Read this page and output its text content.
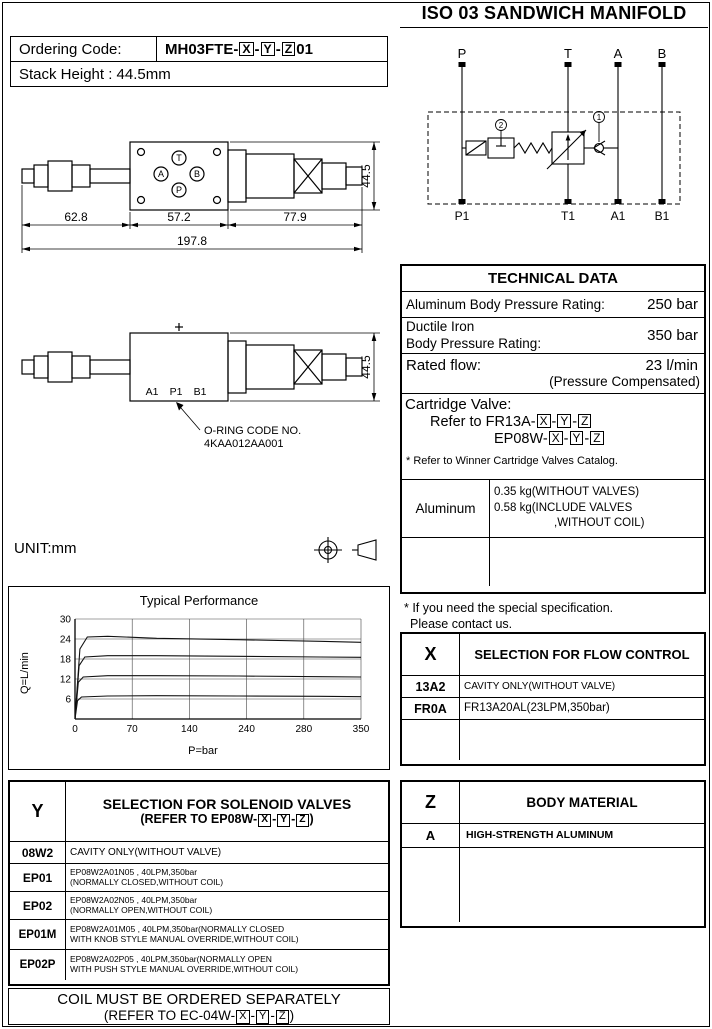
ISO 03 SANDWICH MANIFOLD
Ordering Code:	MH03FTE- X - Y - Z 01
Stack Height : 44.5mm
T
A	B
P
62.8	57.2	77.9
197.8
44.5
1
2
P	T	A	B
P1	T1	A1 B1
TECHNICAL DATA
Aluminum Body Pressure Rating:	250 bar
Ductile Iron
Body Pressure Rating:	350 bar
Rated flow:	23 l/min
(Pressure Compensated)
Cartridge Valve:
Refer to FR13A- X - Y - Z
EP08W- X - Y - Z
* Refer to Winner Cartridge Valves Catalog.
Aluminum
0.35 kg(WITHOUT VALVES)
0.58 kg(INCLUDE VALVES
,WITHOUT COIL)
* If you need the special specification.
Please contact us.
A1 P1 B1
O-RING CODE NO.
4KAA012AA001
44.5
UNIT:mm
Typical Performance
Q=L/min
0	70	140	240	280	350
6
12
18
24
30
P=bar
X	SELECTION FOR FLOW CONTROL
13A2	CAVITY ONLY(WITHOUT VALVE)
FR0A	FR13A20AL(23LPM,350bar)
Y	SELECTION FOR SOLENOID VALVES
(REFER TO EP08W- X - Y - Z )
08W2	CAVITY ONLY(WITHOUT VALVE)
EP01	EP08W2A01N05 , 40LPM,350bar
(NORMALLY CLOSED,WITHOUT COIL)
EP02	EP08W2A02N05 , 40LPM,350bar
(NORMALLY OPEN,WITHOUT COIL)
EP01M	EP08W2A01M05 , 40LPM,350bar(NORMALLY CLOSED
WITH KNOB STYLE MANUAL OVERRIDE,WITHOUT COIL)
EP02P	EP08W2A02P05 , 40LPM,350bar(NORMALLY OPEN
WITH PUSH STYLE MANUAL OVERRIDE,WITHOUT COIL)
Z	BODY MATERIAL
A	HIGH-STRENGTH ALUMINUM
COIL MUST BE ORDERED SEPARATELY
(REFER TO EC-04W- X - Y - Z )
